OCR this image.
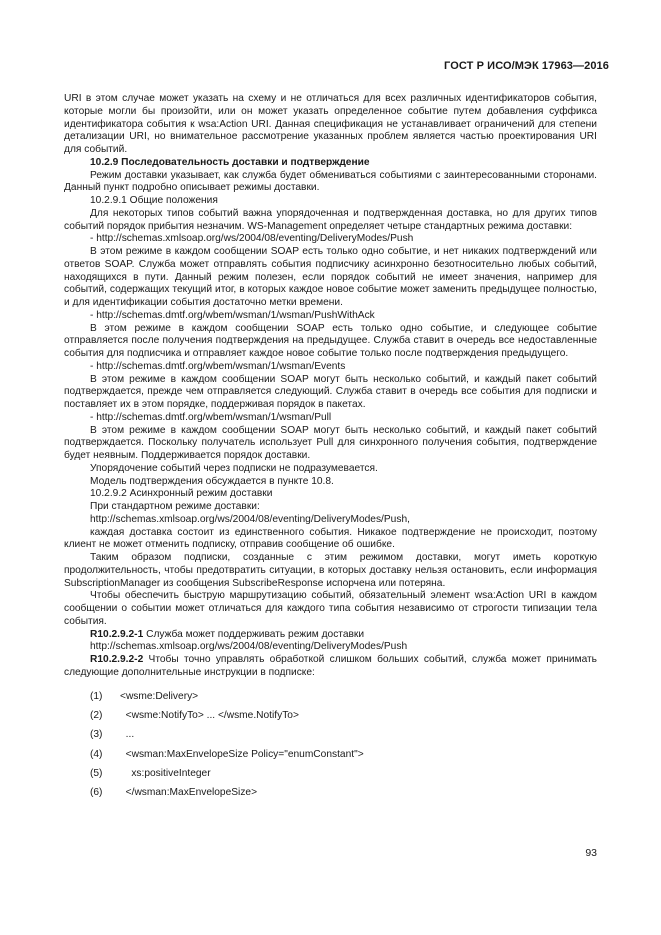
ГОСТ Р ИСО/МЭК 17963—2016

URI в этом случае может указать на схему и не отличаться для всех различных идентификаторов события, которые могли бы произойти, или он может указать определенное событие путем добавления суффикса идентификатора события к wsa:Action URI. Данная спецификация не устанавливает ограничений для степени детализации URI, но внимательное рассмотрение указанных проблем является частью проектирования URI для событий.

10.2.9 Последовательность доставки и подтверждение

Режим доставки указывает, как служба будет обмениваться событиями с заинтересованными сторонами. Данный пункт подробно описывает режимы доставки.

10.2.9.1 Общие положения

Для некоторых типов событий важна упорядоченная и подтвержденная доставка, но для других типов событий порядок прибытия незначим. WS-Management определяет четыре стандартных режима доставки:

- http://schemas.xmlsoap.org/ws/2004/08/eventing/DeliveryModes/Push

В этом режиме в каждом сообщении SOAP есть только одно событие, и нет никаких подтверждений или ответов SOAP. Служба может отправлять события подписчику асинхронно безотносительно любых событий, находящихся в пути. Данный режим полезен, если порядок событий не имеет значения, например для событий, содержащих текущий итог, в которых каждое новое событие может заменить предыдущее полностью, и для идентификации события достаточно метки времени.

- http://schemas.dmtf.org/wbem/wsman/1/wsman/PushWithAck

В этом режиме в каждом сообщении SOAP есть только одно событие, и следующее событие отправляется после получения подтверждения на предыдущее. Служба ставит в очередь все недоставленные события для подписчика и отправляет каждое новое событие только после подтверждения предыдущего.

- http://schemas.dmtf.org/wbem/wsman/1/wsman/Events

В этом режиме в каждом сообщении SOAP могут быть несколько событий, и каждый пакет событий подтверждается, прежде чем отправляется следующий. Служба ставит в очередь все события для подписки и поставляет их в этом порядке, поддерживая порядок в пакетах.

- http://schemas.dmtf.org/wbem/wsman/1/wsman/Pull

В этом режиме в каждом сообщении SOAP могут быть несколько событий, и каждый пакет событий подтверждается. Поскольку получатель использует Pull для синхронного получения события, подтверждение будет неявным. Поддерживается порядок доставки.

Упорядочение событий через подписки не подразумевается.

Модель подтверждения обсуждается в пункте 10.8.

10.2.9.2 Асинхронный режим доставки

При стандартном режиме доставки:

http://schemas.xmlsoap.org/ws/2004/08/eventing/DeliveryModes/Push,

каждая доставка состоит из единственного события. Никакое подтверждение не происходит, поэтому клиент не может отменить подписку, отправив сообщение об ошибке.

Таким образом подписки, созданные с этим режимом доставки, могут иметь короткую продолжительность, чтобы предотвратить ситуации, в которых доставку нельзя остановить, если информация SubscriptionManager из сообщения SubscribeResponse испорчена или потеряна.

Чтобы обеспечить быструю маршрутизацию событий, обязательный элемент wsa:Action URI в каждом сообщении о событии может отличаться для каждого типа события независимо от строгости типизации тела события.

R10.2.9.2-1 Служба может поддерживать режим доставки

http://schemas.xmlsoap.org/ws/2004/08/eventing/DeliveryModes/Push

R10.2.9.2-2 Чтобы точно управлять обработкой слишком больших событий, служба может принимать следующие дополнительные инструкции в подписке:

(1) <wsme:Delivery>
(2)  <wsme:NotifyTo> ... </wsme.NotifyTo>
(3)  ...
(4)  <wsman:MaxEnvelopeSize Policy="enumConstant">
(5)    xs:positiveInteger
(6)  </wsman:MaxEnvelopeSize>
93
